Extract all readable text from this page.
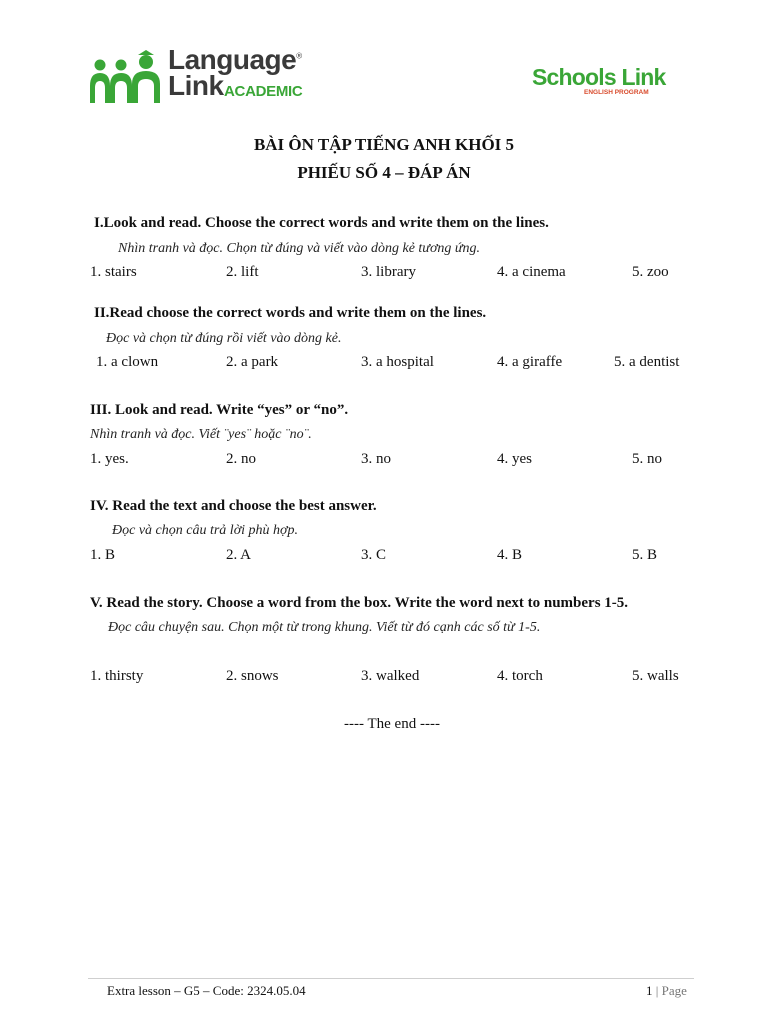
Language®
Link ACADEMIC
Schools Link
ENGLISH PROGRAM
BÀI ÔN TẬP TIẾNG ANH KHỐI 5
PHIẾU SỐ 4 – ĐÁP ÁN
I.Look and read. Choose the correct words and write them on the lines.
Nhìn tranh và đọc. Chọn từ đúng và viết vào dòng kẻ tương ứng.
1. stairs	2. lift	3. library	4. a cinema	5. zoo
II.Read choose the correct words and write them on the lines.
Đọc và chọn từ đúng rồi viết vào dòng kẻ.
1. a clown	2. a park	3. a hospital	4. a giraffe	5. a dentist
III. Look and read. Write “yes” or “no”.
Nhìn tranh và đọc. Viết ¨yes¨ hoặc ¨no¨.
1. yes.	2. no	3. no	4. yes	5. no
IV. Read the text and choose the best answer.
Đọc và chọn câu trả lời phù hợp.
1. B	2. A	3. C	4. B	5. B
V. Read the story. Choose a word from the box. Write the word next to numbers 1-5.
Đọc câu chuyện sau. Chọn một từ trong khung. Viết từ đó cạnh các số từ 1-5.
1. thirsty	2. snows	3. walked	4. torch	5. walls
---- The end ----
Extra lesson – G5 – Code: 2324.05.04	1 | Page
